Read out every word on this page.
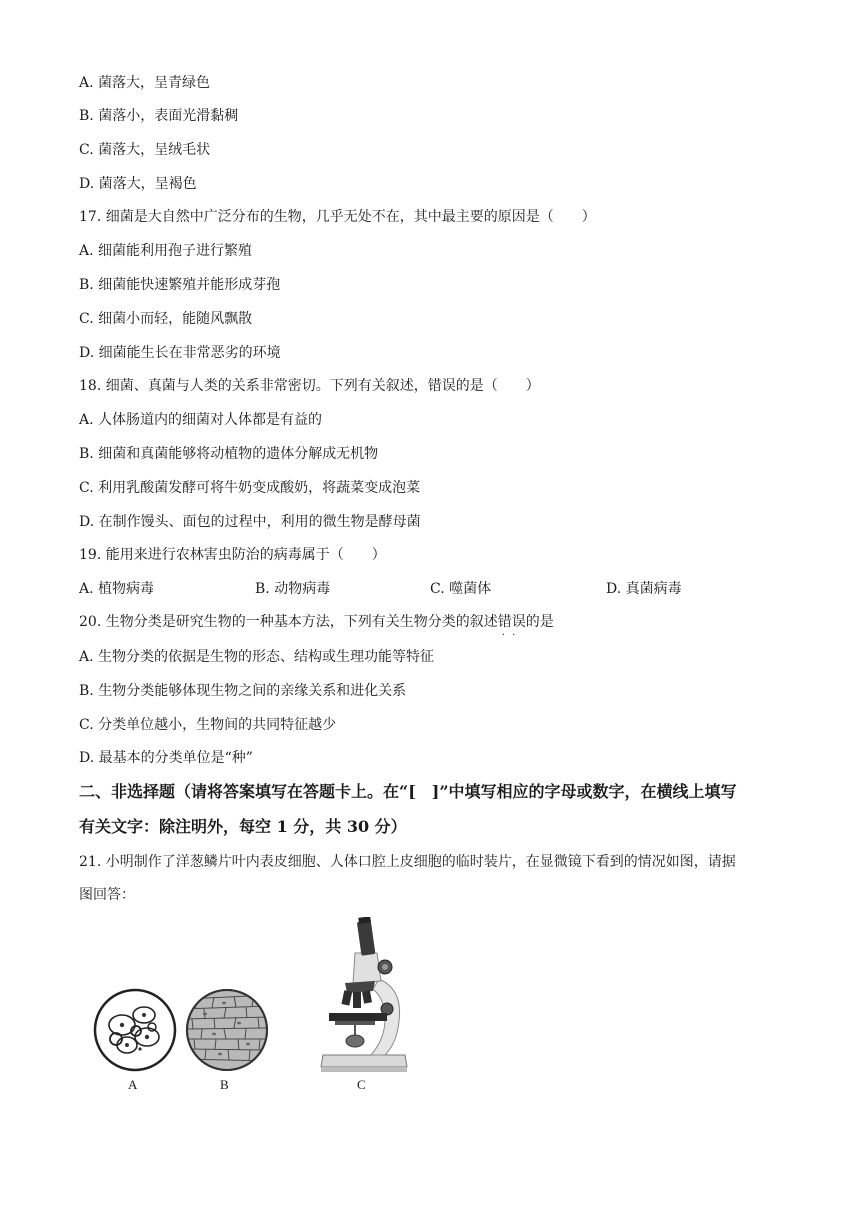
A. 菌落大，呈青绿色
B. 菌落小，表面光滑黏稠
C. 菌落大，呈绒毛状
D. 菌落大，呈褐色
17. 细菌是大自然中广泛分布的生物，几乎无处不在，其中最主要的原因是（　　）
A. 细菌能利用孢子进行繁殖
B. 细菌能快速繁殖并能形成芽孢
C. 细菌小而轻，能随风飘散
D. 细菌能生长在非常恶劣的环境
18. 细菌、真菌与人类的关系非常密切。下列有关叙述，错误的是（　　）
A. 人体肠道内的细菌对人体都是有益的
B. 细菌和真菌能够将动植物的遗体分解成无机物
C. 利用乳酸菌发酵可将牛奶变成酸奶，将蔬菜变成泡菜
D. 在制作馒头、面包的过程中，利用的微生物是酵母菌
19. 能用来进行农林害虫防治的病毒属于（　　）
A. 植物病毒	B. 动物病毒	C. 噬菌体	D. 真菌病毒
20. 生物分类是研究生物的一种基本方法，下列有关生物分类的叙述错误 · ·的是
A. 生物分类的依据是生物的形态、结构或生理功能等特征
B. 生物分类能够体现生物之间的亲缘关系和进化关系
C. 分类单位越小，生物间的共同特征越少
D. 最基本的分类单位是“种”
二、非选择题（请将答案填写在答题卡上。在“[　]”中填写相应的字母或数字，在横线上填写
有关文字：除注明外，每空 1 分，共 30 分）
21. 小明制作了洋葱鳞片叶内表皮细胞、人体口腔上皮细胞的临时装片，在显微镜下看到的情况如图，请据
图回答：
A	B	C
